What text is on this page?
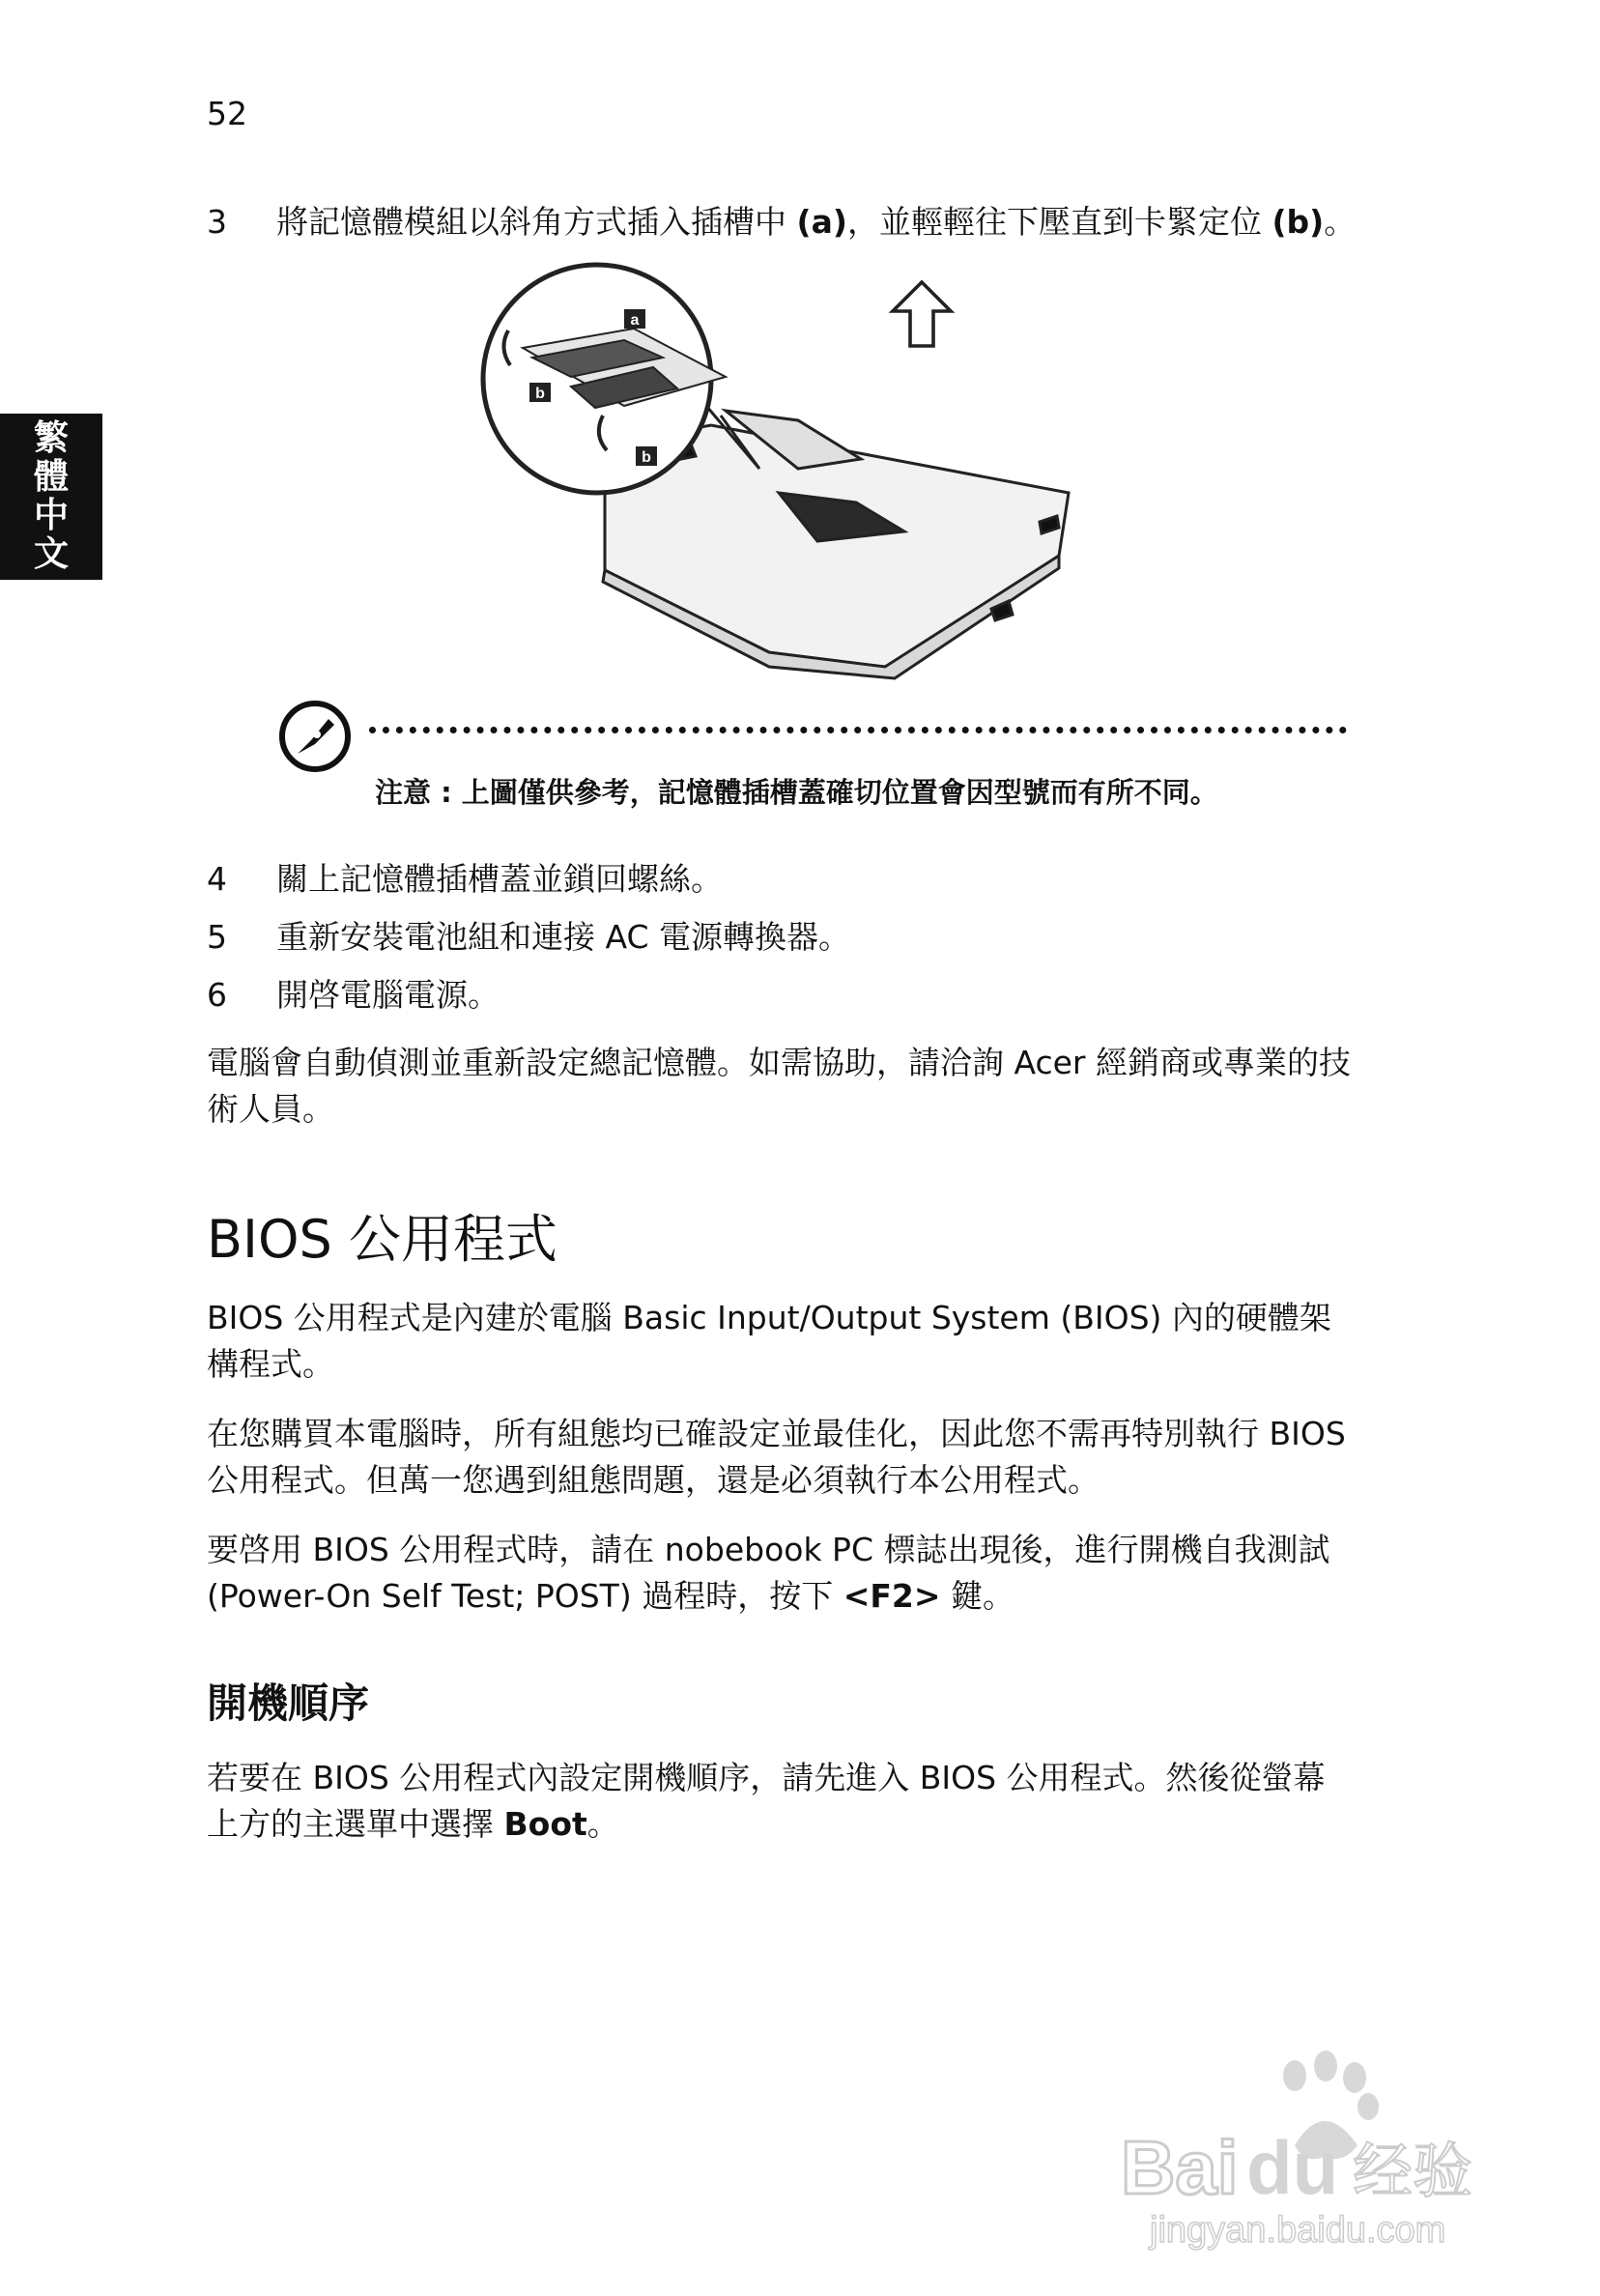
52
繁
體
中
文
3 將記憶體模組以斜角方式插入插槽中 (a)，並輕輕往下壓直到卡緊定位 (b)。
a
b
b
注意 : 上圖僅供參考，記憶體插槽蓋確切位置會因型號而有所不同。
4 關上記憶體插槽蓋並鎖回螺絲。
5 重新安裝電池組和連接 AC 電源轉換器。
6 開啓電腦電源。
電腦會自動偵測並重新設定總記憶體。如需協助，請洽詢 Acer 經銷商或專業的技術人員。
BIOS 公用程式
BIOS 公用程式是內建於電腦 Basic Input/Output System (BIOS) 內的硬體架構程式。
在您購買本電腦時，所有組態均已確設定並最佳化，因此您不需再特別執行 BIOS 公用程式。但萬一您遇到組態問題，還是必須執行本公用程式。
要啓用 BIOS 公用程式時，請在 nobebook PC 標誌出現後，進行開機自我測試 (Power-On Self Test; POST) 過程時，按下 <F2> 鍵。
開機順序
若要在 BIOS 公用程式內設定開機順序，請先進入 BIOS 公用程式。然後從螢幕上方的主選單中選擇 Boot。
Bai du 经验
jingyan.baidu.com
